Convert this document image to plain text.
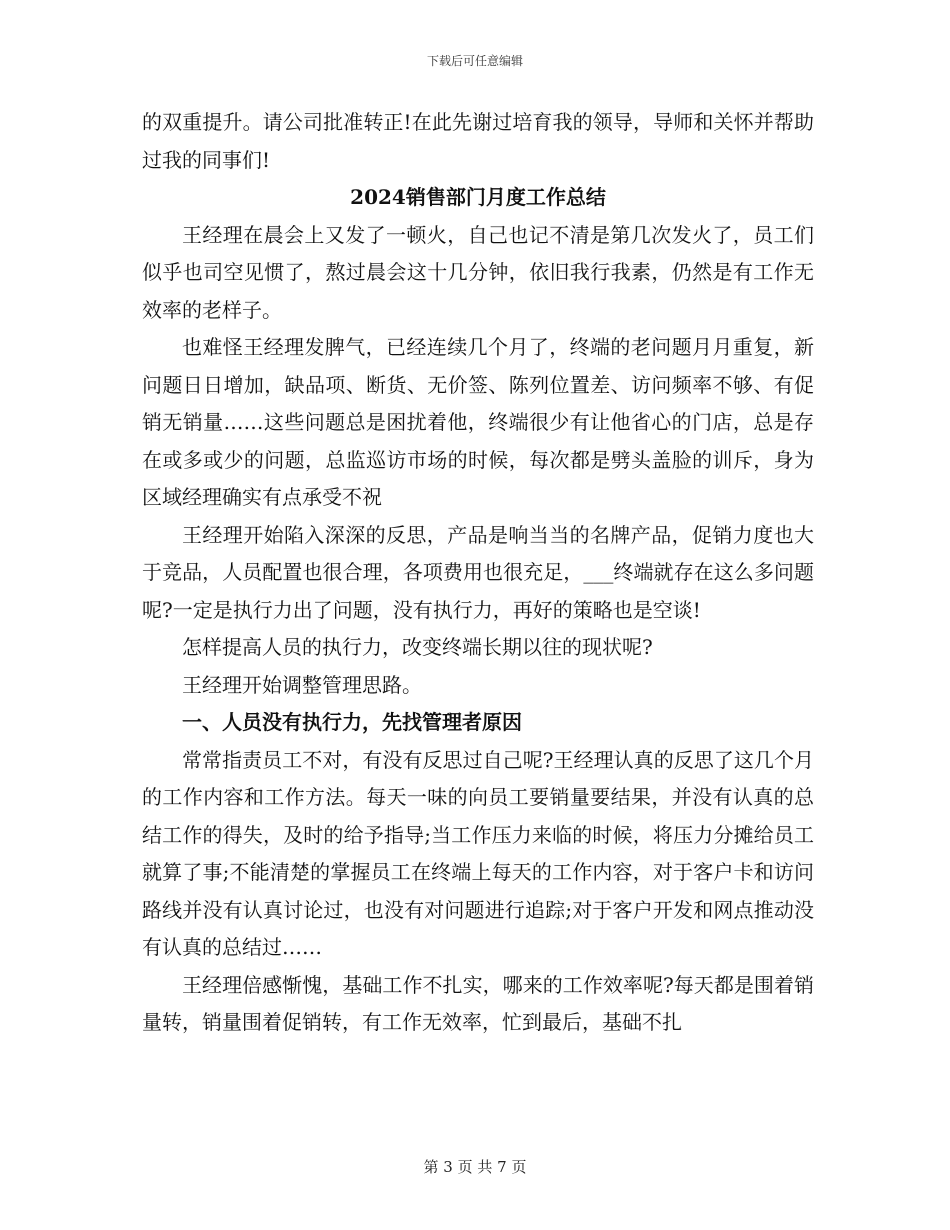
下载后可任意编辑

的双重提升。请公司批准转正!在此先谢过培育我的领导，导师和关怀并帮助过我的同事们!

2024销售部门月度工作总结

王经理在晨会上又发了一顿火，自己也记不清是第几次发火了，员工们似乎也司空见惯了，熬过晨会这十几分钟，依旧我行我素，仍然是有工作无效率的老样子。

也难怪王经理发脾气，已经连续几个月了，终端的老问题月月重复，新问题日日增加，缺品项、断货、无价签、陈列位置差、访问频率不够、有促销无销量……这些问题总是困扰着他，终端很少有让他省心的门店，总是存在或多或少的问题，总监巡访市场的时候，每次都是劈头盖脸的训斥，身为区域经理确实有点承受不祝

王经理开始陷入深深的反思，产品是响当当的名牌产品，促销力度也大于竞品，人员配置也很合理，各项费用也很充足，___终端就存在这么多问题呢?一定是执行力出了问题，没有执行力，再好的策略也是空谈!

怎样提高人员的执行力，改变终端长期以往的现状呢?

王经理开始调整管理思路。

一、人员没有执行力，先找管理者原因

常常指责员工不对，有没有反思过自己呢?王经理认真的反思了这几个月的工作内容和工作方法。每天一味的向员工要销量要结果，并没有认真的总结工作的得失，及时的给予指导;当工作压力来临的时候，将压力分摊给员工就算了事;不能清楚的掌握员工在终端上每天的工作内容，对于客户卡和访问路线并没有认真讨论过，也没有对问题进行追踪;对于客户开发和网点推动没有认真的总结过……

王经理倍感惭愧，基础工作不扎实，哪来的工作效率呢?每天都是围着销量转，销量围着促销转，有工作无效率，忙到最后，基础不扎

第 3 页 共 7 页
